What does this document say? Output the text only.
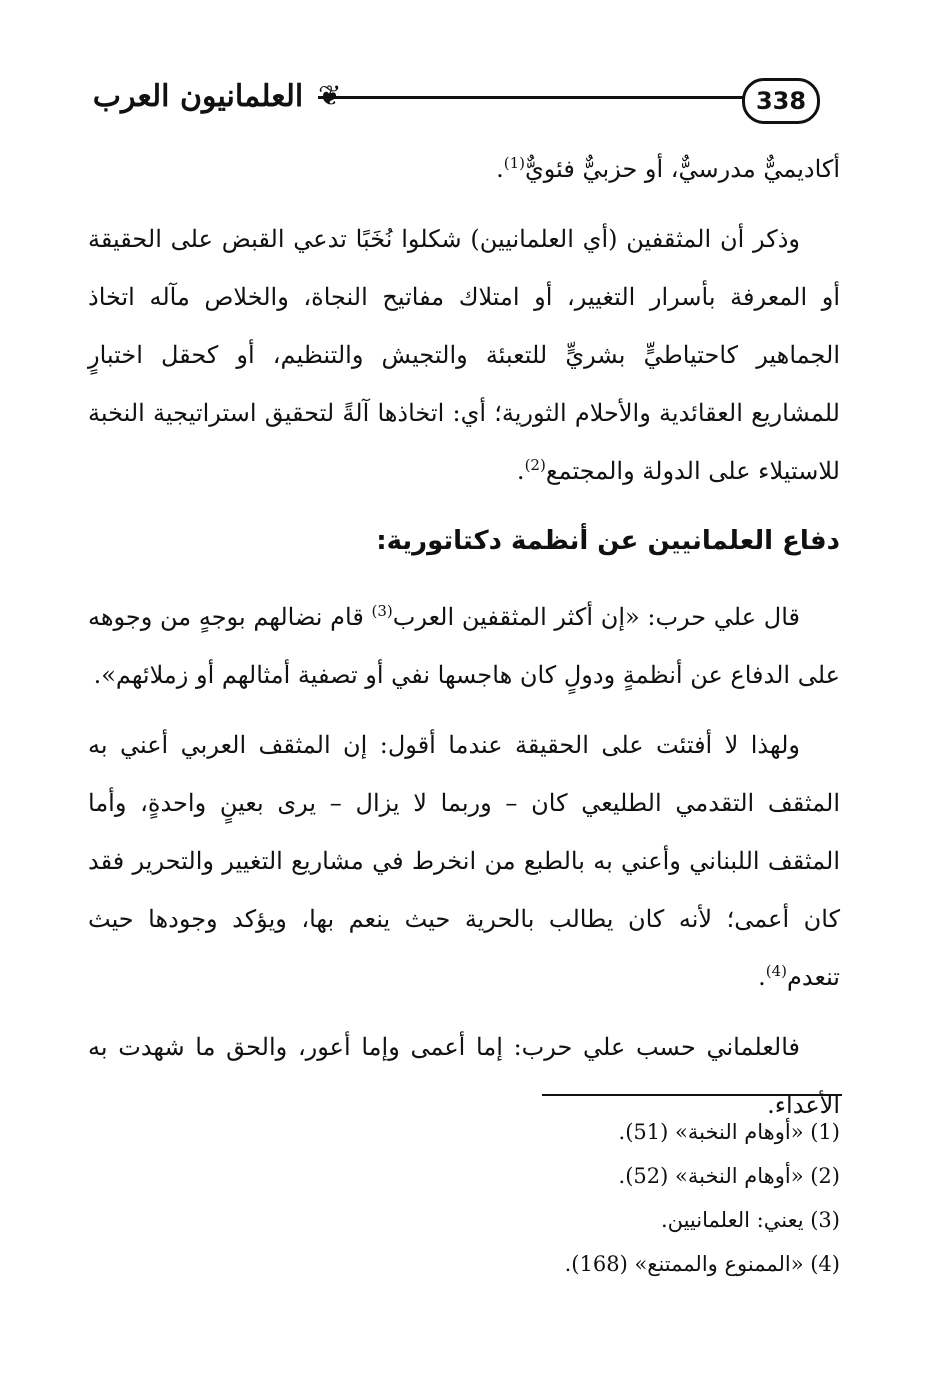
العلمانيون العرب ❦	338

أكاديميٌّ مدرسيٌّ، أو حزبيٌّ فئويٌّ$^{(1)}$.

وذكر أن المثقفين (أي العلمانيين) شكلوا نُخَبًا تدعي القبض على الحقيقة أو المعرفة بأسرار التغيير، أو امتلاك مفاتيح النجاة، والخلاص مآله اتخاذ الجماهير كاحتياطيٍّ بشريٍّ للتعبئة والتجيش والتنظيم، أو كحقل اختبارٍ للمشاريع العقائدية والأحلام الثورية؛ أي: اتخاذها آلةً لتحقيق استراتيجية النخبة للاستيلاء على الدولة والمجتمع$^{(2)}$.

دفاع العلمانيين عن أنظمة دكتاتورية:

قال علي حرب: «إن أكثر المثقفين العرب$^{(3)}$ قام نضالهم بوجهٍ من وجوهه على الدفاع عن أنظمةٍ ودولٍ كان هاجسها نفي أو تصفية أمثالهم أو زملائهم».

ولهذا لا أفتئت على الحقيقة عندما أقول: إن المثقف العربي أعني به المثقف التقدمي الطليعي كان – وربما لا يزال – يرى بعينٍ واحدةٍ، وأما المثقف اللبناني وأعني به بالطبع من انخرط في مشاريع التغيير والتحرير فقد كان أعمى؛ لأنه كان يطالب بالحرية حيث ينعم بها، ويؤكد وجودها حيث تنعدم$^{(4)}$.

فالعلماني حسب علي حرب: إما أعمى وإما أعور، والحق ما شهدت به الأعداء.

(1) «أوهام النخبة» (51).

(2) «أوهام النخبة» (52).

(3) يعني: العلمانيين.

(4) «الممنوع والممتنع» (168).
